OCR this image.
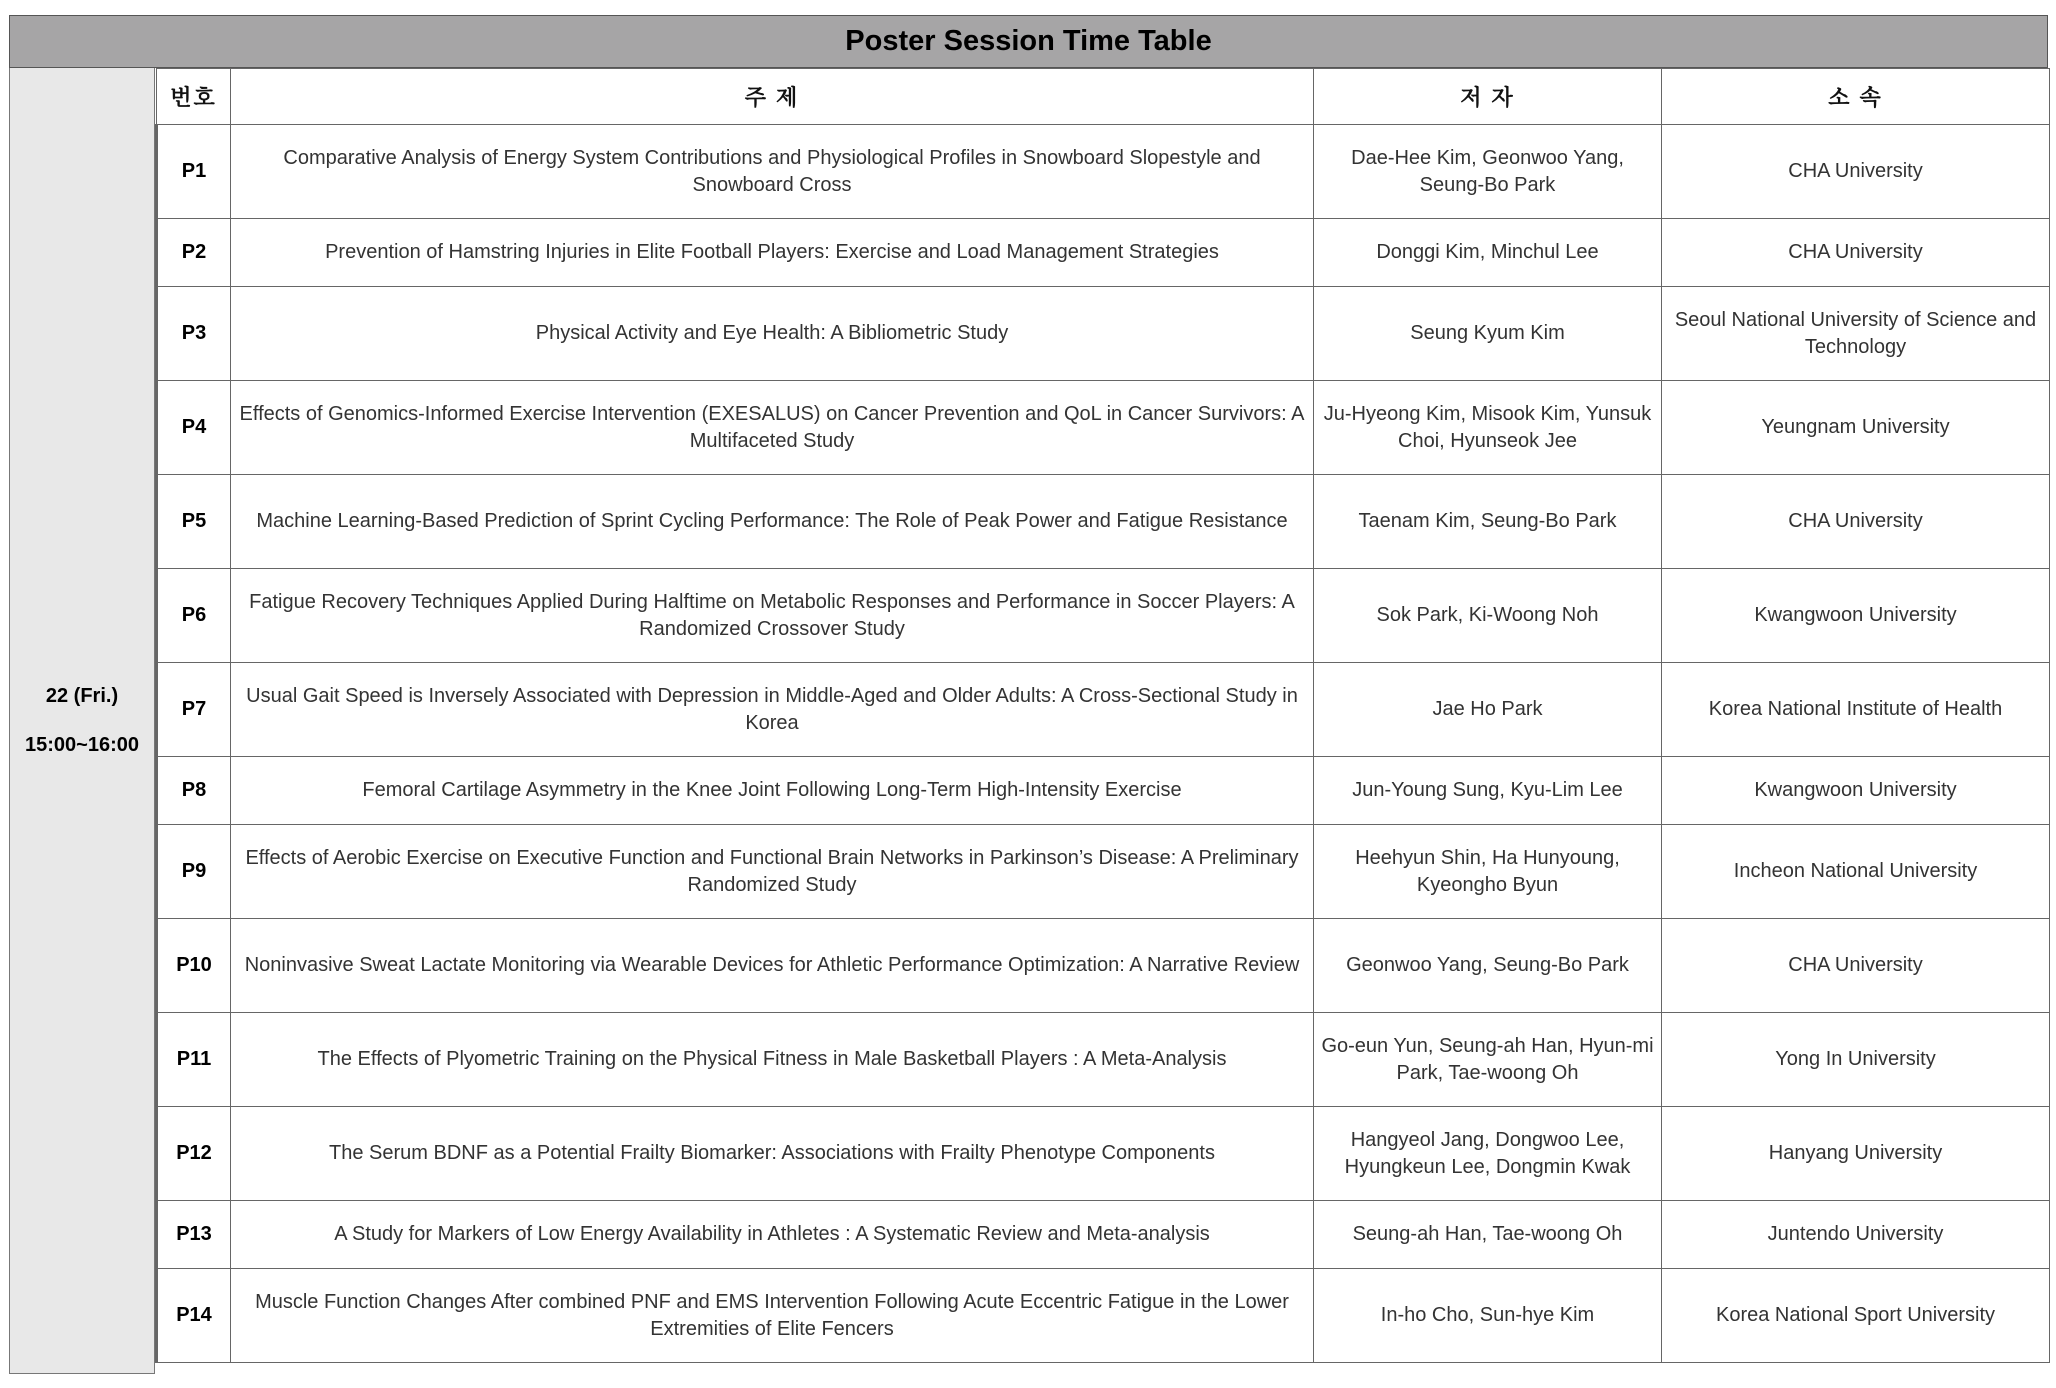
Poster Session Time Table
22 (Fri.)
15:00~16:00
번호	주 제	저 자	소 속
P1	Comparative Analysis of Energy System Contributions and Physiological Profiles in Snowboard Slopestyle and Snowboard Cross	Dae-Hee Kim, Geonwoo Yang, Seung-Bo Park	CHA University
P2	Prevention of Hamstring Injuries in Elite Football Players: Exercise and Load Management Strategies	Donggi Kim, Minchul Lee	CHA University
P3	Physical Activity and Eye Health: A Bibliometric Study	Seung Kyum Kim	Seoul National University of Science and Technology
P4	Effects of Genomics-Informed Exercise Intervention (EXESALUS) on Cancer Prevention and QoL in Cancer Survivors: A Multifaceted Study	Ju-Hyeong Kim, Misook Kim, Yunsuk Choi, Hyunseok Jee	Yeungnam University
P5	Machine Learning-Based Prediction of Sprint Cycling Performance: The Role of Peak Power and Fatigue Resistance	Taenam Kim, Seung-Bo Park	CHA University
P6	Fatigue Recovery Techniques Applied During Halftime on Metabolic Responses and Performance in Soccer Players: A Randomized Crossover Study	Sok Park, Ki-Woong Noh	Kwangwoon University
P7	Usual Gait Speed is Inversely Associated with Depression in Middle-Aged and Older Adults: A Cross-Sectional Study in Korea	Jae Ho Park	Korea National Institute of Health
P8	Femoral Cartilage Asymmetry in the Knee Joint Following Long-Term High-Intensity Exercise	Jun-Young Sung, Kyu-Lim Lee	Kwangwoon University
P9	Effects of Aerobic Exercise on Executive Function and Functional Brain Networks in Parkinson’s Disease: A Preliminary Randomized Study	Heehyun Shin, Ha Hunyoung, Kyeongho Byun	Incheon National University
P10	Noninvasive Sweat Lactate Monitoring via Wearable Devices for Athletic Performance Optimization: A Narrative Review	Geonwoo Yang, Seung-Bo Park	CHA University
P11	The Effects of Plyometric Training on the Physical Fitness in Male Basketball Players : A Meta-Analysis	Go-eun Yun, Seung-ah Han, Hyun-mi Park, Tae-woong Oh	Yong In University
P12	The Serum BDNF as a Potential Frailty Biomarker: Associations with Frailty Phenotype Components	Hangyeol Jang, Dongwoo Lee, Hyungkeun Lee, Dongmin Kwak	Hanyang University
P13	A Study for Markers of Low Energy Availability in Athletes : A Systematic Review and Meta-analysis	Seung-ah Han, Tae-woong Oh	Juntendo University
P14	Muscle Function Changes After combined PNF and EMS Intervention Following Acute Eccentric Fatigue in the Lower Extremities of Elite Fencers	In-ho Cho, Sun-hye Kim	Korea National Sport University
